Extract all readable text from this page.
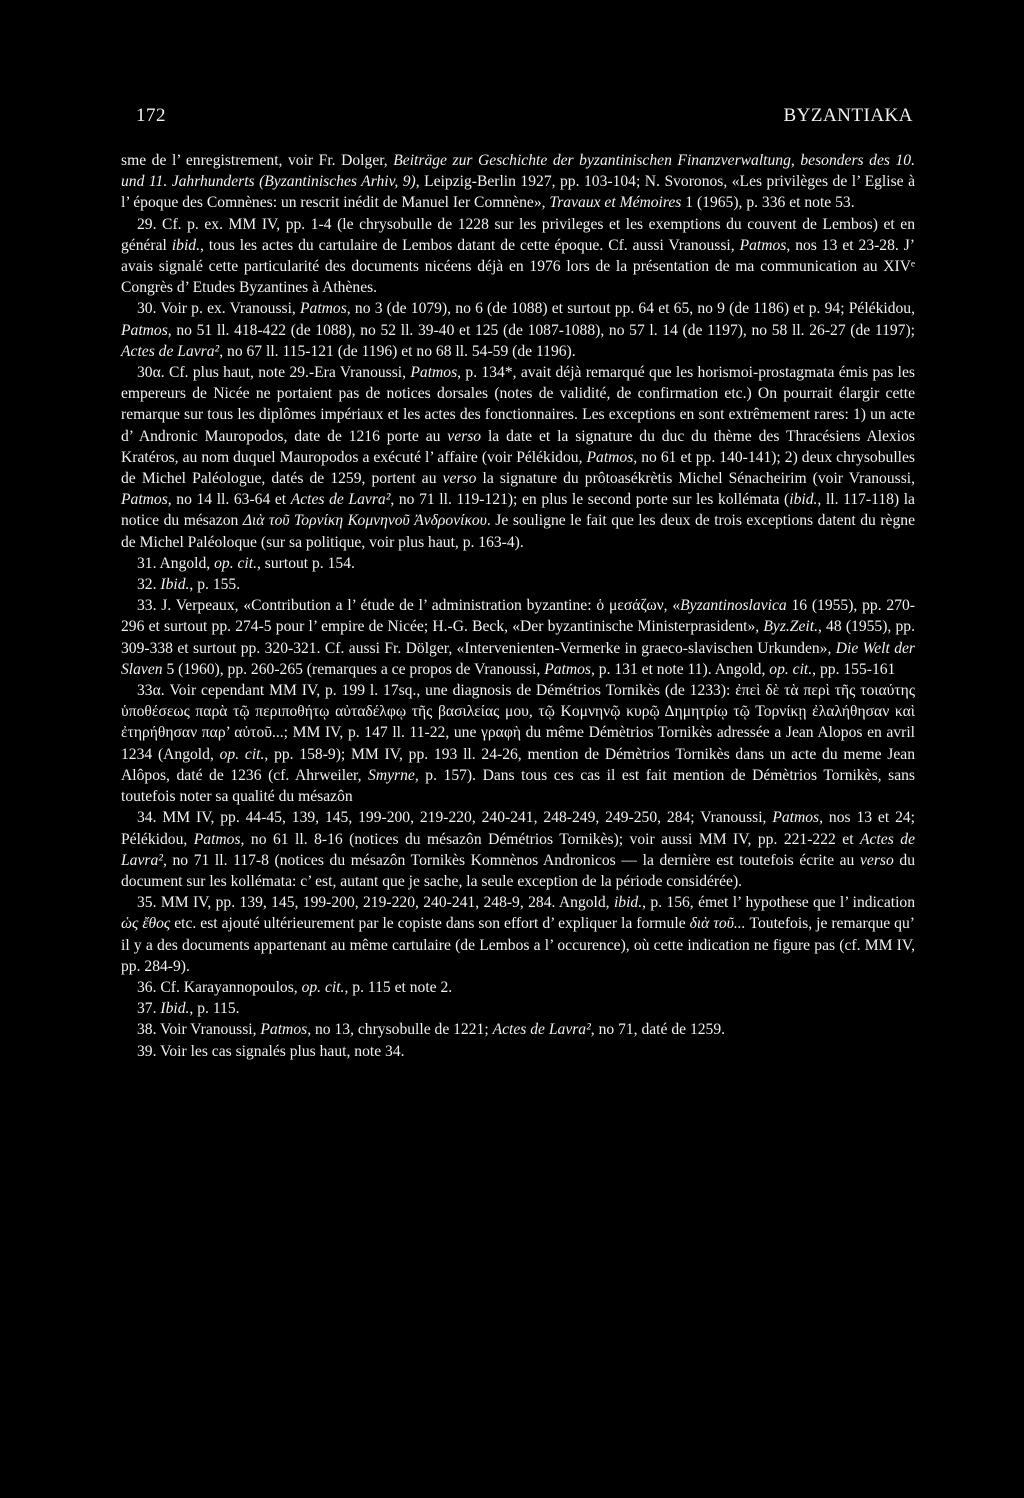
172	BYZANTIAKA

sme de l’ enregistrement, voir Fr. Dolger, Beiträge zur Geschichte der byzantinischen Finanzverwaltung, besonders des 10. und 11. Jahrhunderts (Byzantinisches Arhiv, 9), Leipzig-Berlin 1927, pp. 103-104; N. Svoronos, «Les privilèges de l’ Eglise à l’ époque des Comnènes: un rescrit inédit de Manuel Ier Comnène», Travaux et Mémoires 1 (1965), p. 336 et note 53.

29. Cf. p. ex. MM IV, pp. 1-4 (le chrysobulle de 1228 sur les privileges et les exemptions du couvent de Lembos) et en général ibid., tous les actes du cartulaire de Lembos datant de cette époque. Cf. aussi Vranoussi, Patmos, nos 13 et 23-28. J’ avais signalé cette particularité des documents nicéens déjà en 1976 lors de la présentation de ma communication au XIVᵉ Congrès d’ Etudes Byzantines à Athènes.

30. Voir p. ex. Vranoussi, Patmos, no 3 (de 1079), no 6 (de 1088) et surtout pp. 64 et 65, no 9 (de 1186) et p. 94; Pélékidou, Patmos, no 51 ll. 418-422 (de 1088), no 52 ll. 39-40 et 125 (de 1087-1088), no 57 l. 14 (de 1197), no 58 ll. 26-27 (de 1197); Actes de Lavra², no 67 ll. 115-121 (de 1196) et no 68 ll. 54-59 (de 1196).

30α. Cf. plus haut, note 29.-Era Vranoussi, Patmos, p. 134*, avait déjà remarqué que les horismoi-prostagmata émis pas les empereurs de Nicée ne portaient pas de notices dorsales (notes de validité, de confirmation etc.) On pourrait élargir cette remarque sur tous les diplômes impériaux et les actes des fonctionnaires. Les exceptions en sont extrêmement rares: 1) un acte d’ Andronic Mauropodos, date de 1216 porte au verso la date et la signature du duc du thème des Thracésiens Alexios Kratéros, au nom duquel Mauropodos a exécuté l’ affaire (voir Pélékidou, Patmos, no 61 et pp. 140-141); 2) deux chrysobulles de Michel Paléologue, datés de 1259, portent au verso la signature du prôtoasékrètis Michel Sénacheirim (voir Vranoussi, Patmos, no 14 ll. 63-64 et Actes de Lavra², no 71 ll. 119-121); en plus le second porte sur les kollémata (ibid., ll. 117-118) la notice du mésazon Διὰ τοῦ Τορνίκη Κομνηνοῦ Ἀνδρονίκου. Je souligne le fait que les deux de trois exceptions datent du règne de Michel Paléoloque (sur sa politique, voir plus haut, p. 163-4).

31. Angold, op. cit., surtout p. 154.

32. Ibid., p. 155.

33. J. Verpeaux, «Contribution a l’ étude de l’ administration byzantine: ὁ μεσάζων, «Byzantinoslavica 16 (1955), pp. 270-296 et surtout pp. 274-5 pour l’ empire de Nicée; H.-G. Beck, «Der byzantinische Ministerprasident», Byz.Zeit., 48 (1955), pp. 309-338 et surtout pp. 320-321. Cf. aussi Fr. Dölger, «Intervenienten-Vermerke in graeco-slavischen Urkunden», Die Welt der Slaven 5 (1960), pp. 260-265 (remarques a ce propos de Vranoussi, Patmos, p. 131 et note 11). Angold, op. cit., pp. 155-161

33α. Voir cependant MM IV, p. 199 l. 17sq., une diagnosis de Démétrios Tornikès (de 1233): ἐπεὶ δὲ τὰ περὶ τῆς τοιαύτης ὑποθέσεως παρὰ τῷ περιποθήτῳ αὐταδέλφῳ τῆς βασιλείας μου, τῷ Κομνηνῷ κυρῷ Δημητρίῳ τῷ Τορνίκῃ ἐλαλήθησαν καὶ ἐτηρήθησαν παρ’ αὐτοῦ...; MM IV, p. 147 ll. 11-22, une γραφὴ du même Démètrios Tornikès adressée a Jean Alopos en avril 1234 (Angold, op. cit., pp. 158-9); MM IV, pp. 193 ll. 24-26, mention de Démètrios Tornikès dans un acte du meme Jean Alôpos, daté de 1236 (cf. Ahrweiler, Smyrne, p. 157). Dans tous ces cas il est fait mention de Démètrios Tornikès, sans toutefois noter sa qualité du mésazôn

34. MM IV, pp. 44-45, 139, 145, 199-200, 219-220, 240-241, 248-249, 249-250, 284; Vranoussi, Patmos, nos 13 et 24; Pélékidou, Patmos, no 61 ll. 8-16 (notices du mésazôn Démétrios Tornikès); voir aussi MM IV, pp. 221-222 et Actes de Lavra², no 71 ll. 117-8 (notices du mésazôn Tornikès Komnènos Andronicos — la dernière est toutefois écrite au verso du document sur les kollémata: c’ est, autant que je sache, la seule exception de la période considérée).

35. MM IV, pp. 139, 145, 199-200, 219-220, 240-241, 248-9, 284. Angold, ibid., p. 156, émet l’ hypothese que l’ indication ὡς ἔθος etc. est ajouté ultérieurement par le copiste dans son effort d’ expliquer la formule διὰ τοῦ... Toutefois, je remarque qu’ il y a des documents appartenant au même cartulaire (de Lembos a l’ occurence), où cette indication ne figure pas (cf. MM IV, pp. 284-9).

36. Cf. Karayannopoulos, op. cit., p. 115 et note 2.

37. Ibid., p. 115.

38. Voir Vranoussi, Patmos, no 13, chrysobulle de 1221; Actes de Lavra², no 71, daté de 1259.

39. Voir les cas signalés plus haut, note 34.
